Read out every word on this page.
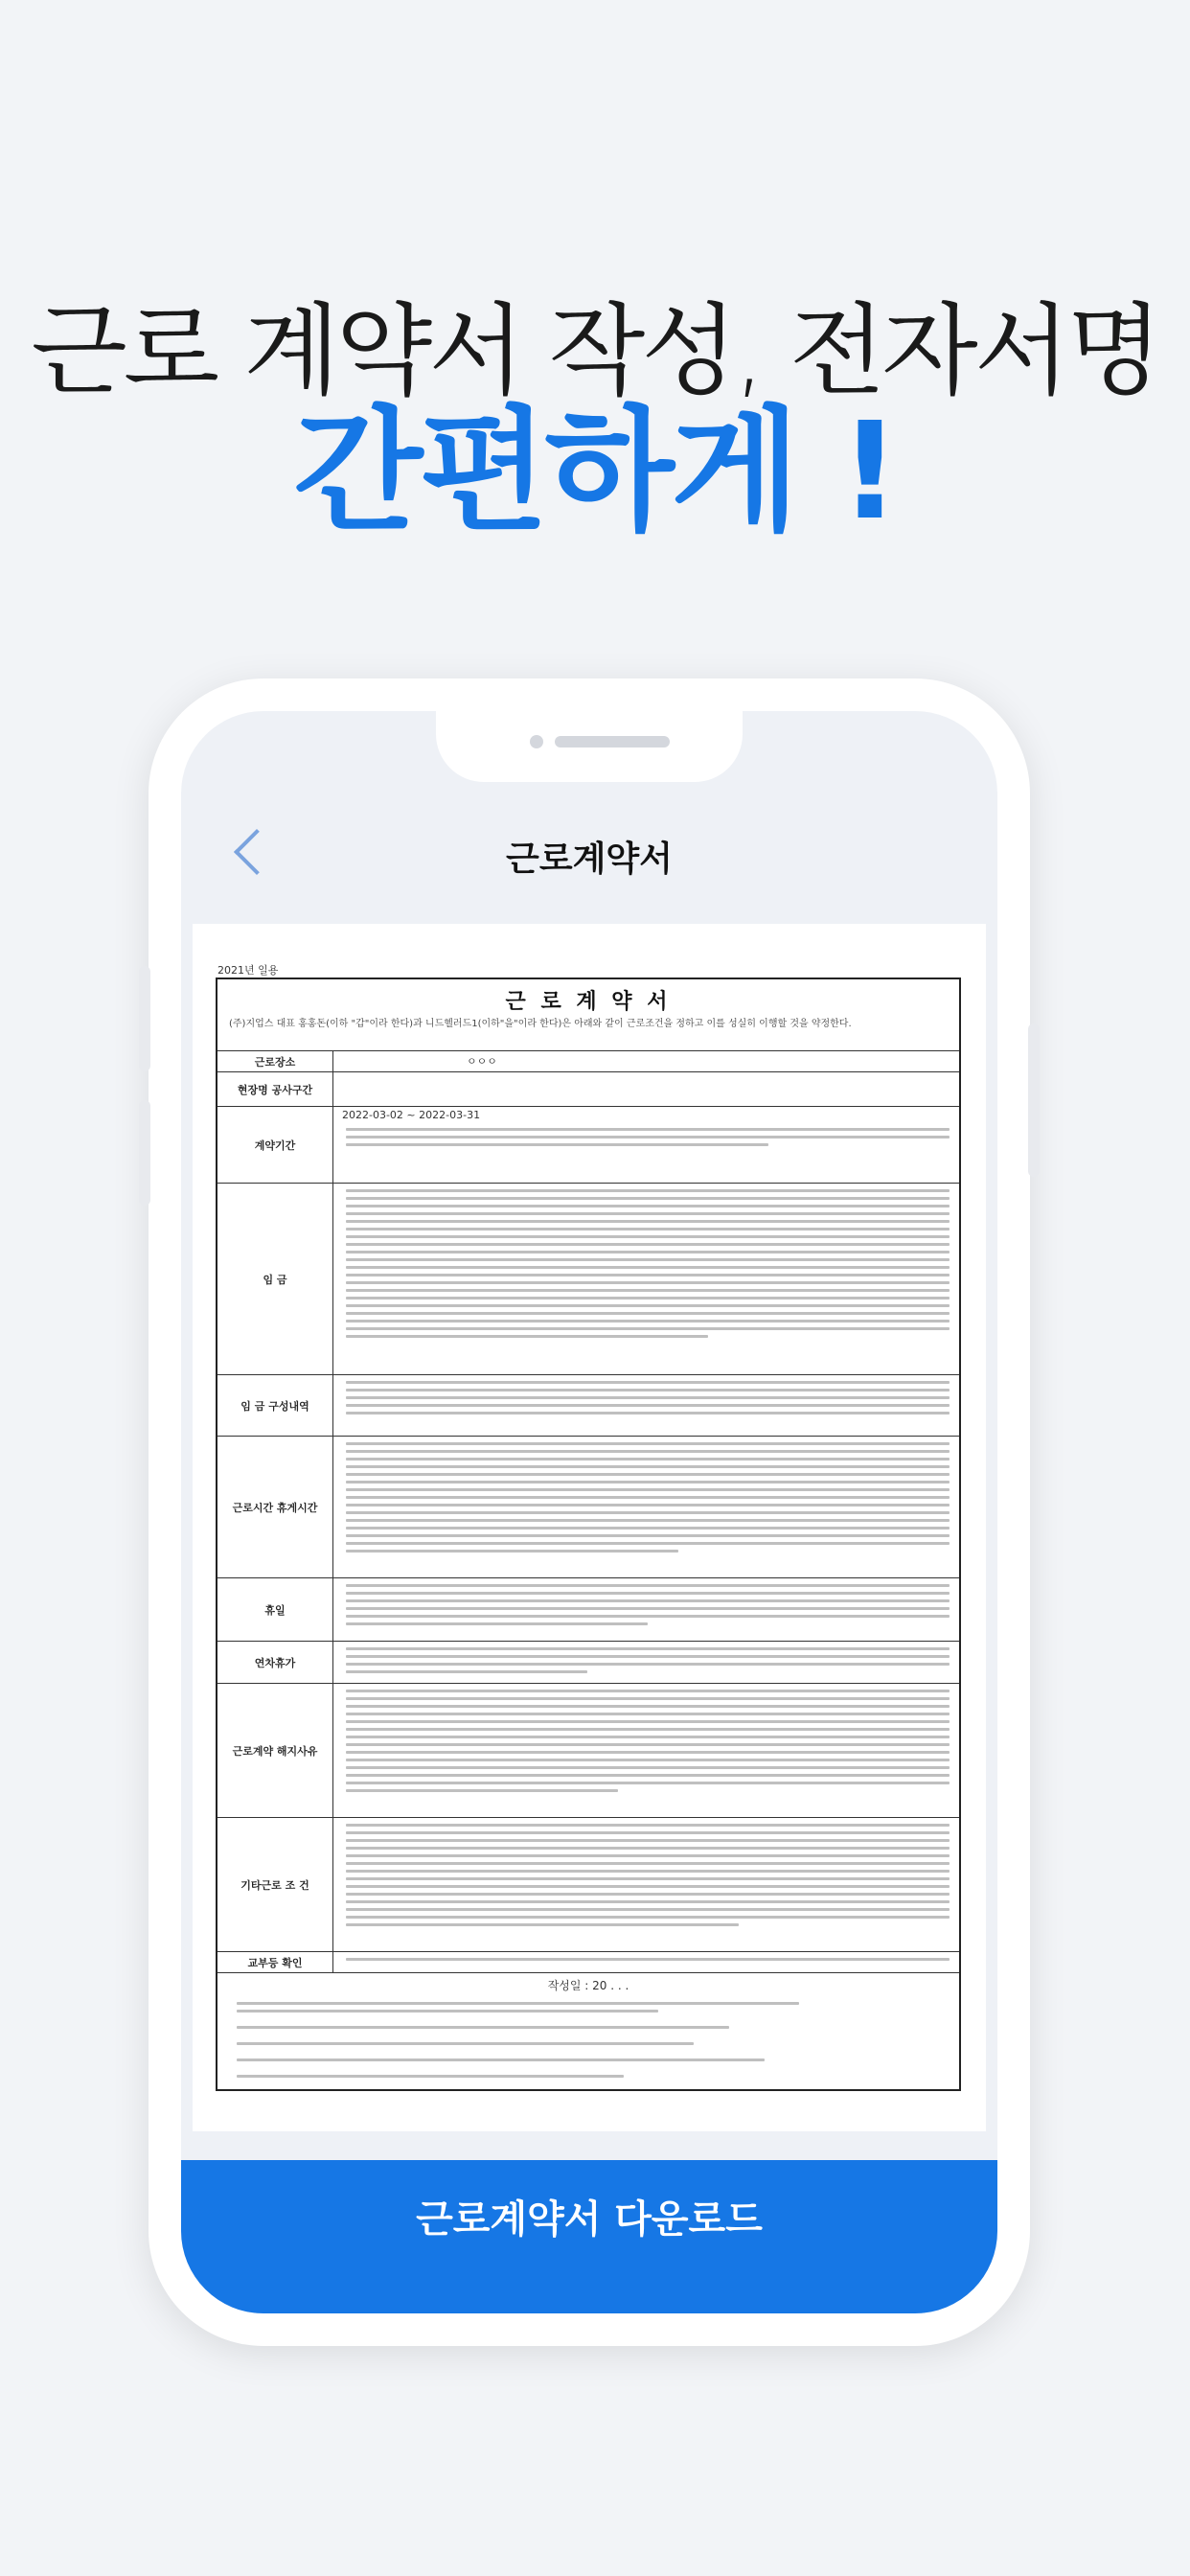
근로 계약서 작성, 전자서명
간편하게 !
근로계약서
2021년 일용
근 로 계 약 서
(주)지업스 대표 홍홍돈(이하 "갑"이라 한다)과 니드헬러드1(이하"을"이라 한다)은 아래와 같이 근로조건을 정하고 이를 성실히 이행할 것을 약정한다.
근로장소	ㅇㅇㅇ
현장명 공사구간
계약기간
2022-03-02 ~ 2022-03-31
임 금
임 금 구성내역
근로시간 휴게시간
휴일
연차휴가
근로계약 해지사유
기타근로 조 건
교부등 확인
작성일 : 20 . . .
근로계약서 다운로드
